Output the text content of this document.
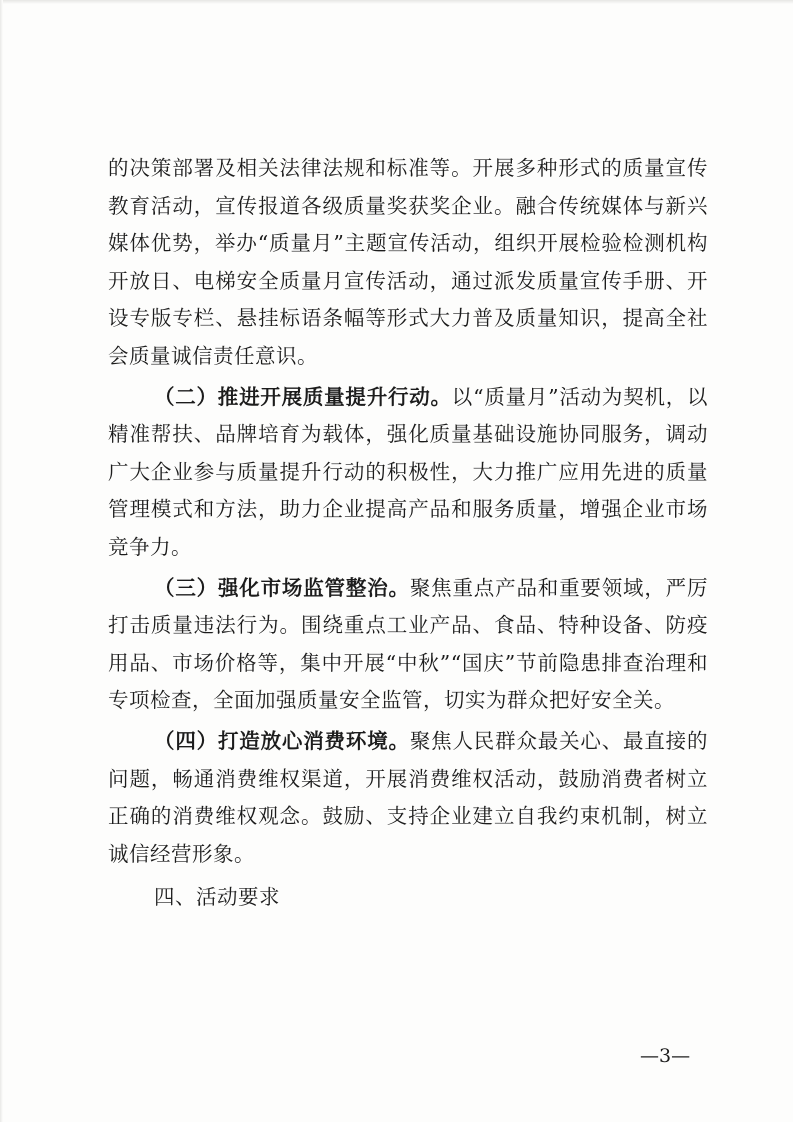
的决策部署及相关法律法规和标准等。开展多种形式的质量宣传教育活动，宣传报道各级质量奖获奖企业。融合传统媒体与新兴媒体优势，举办“质量月”主题宣传活动，组织开展检验检测机构开放日、电梯安全质量月宣传活动，通过派发质量宣传手册、开设专版专栏、悬挂标语条幅等形式大力普及质量知识，提高全社会质量诚信责任意识。

（二）推进开展质量提升行动。以“质量月”活动为契机，以精准帮扶、品牌培育为载体，强化质量基础设施协同服务，调动广大企业参与质量提升行动的积极性，大力推广应用先进的质量管理模式和方法，助力企业提高产品和服务质量，增强企业市场竞争力。

（三）强化市场监管整治。聚焦重点产品和重要领域，严厉打击质量违法行为。围绕重点工业产品、食品、特种设备、防疫用品、市场价格等，集中开展“中秋”“国庆”节前隐患排查治理和专项检查，全面加强质量安全监管，切实为群众把好安全关。

（四）打造放心消费环境。聚焦人民群众最关心、最直接的问题，畅通消费维权渠道，开展消费维权活动，鼓励消费者树立正确的消费维权观念。鼓励、支持企业建立自我约束机制，树立诚信经营形象。

四、活动要求

—3—
